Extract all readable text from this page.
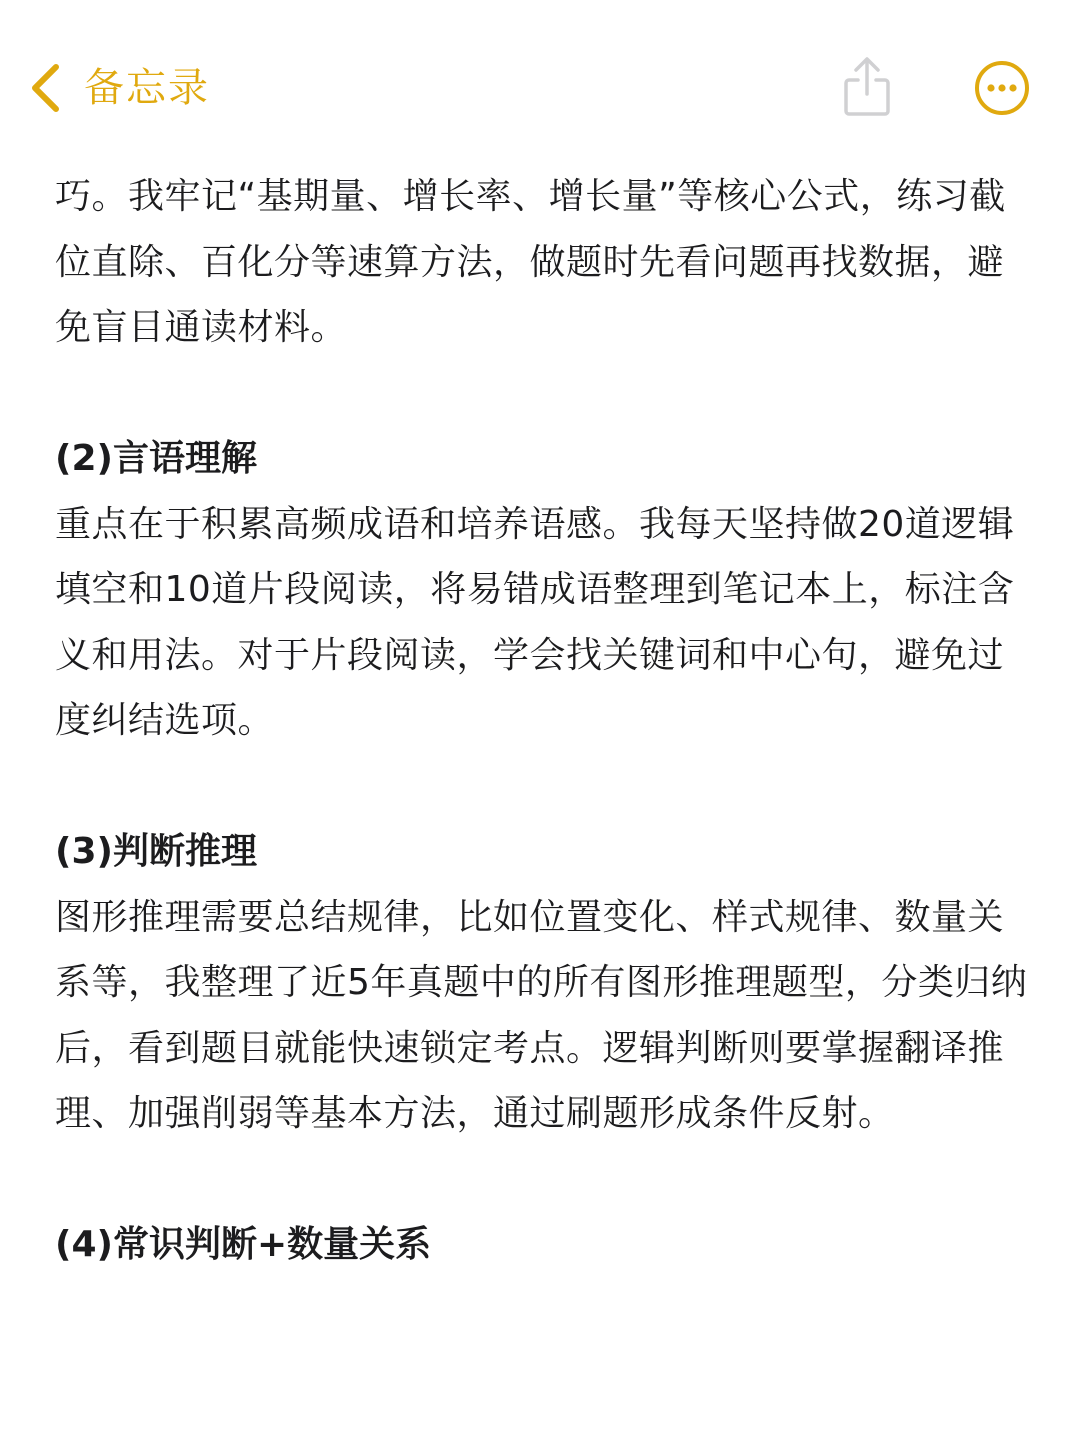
备忘录

巧。我牢记“基期量、增长率、增长量”等核心公式，练习截位直除、百化分等速算方法，做题时先看问题再找数据，避免盲目通读材料。

(2)言语理解

重点在于积累高频成语和培养语感。我每天坚持做20道逻辑填空和10道片段阅读，将易错成语整理到笔记本上，标注含义和用法。对于片段阅读，学会找关键词和中心句，避免过度纠结选项。

(3)判断推理

图形推理需要总结规律，比如位置变化、样式规律、数量关系等，我整理了近5年真题中的所有图形推理题型，分类归纳后，看到题目就能快速锁定考点。逻辑判断则要掌握翻译推理、加强削弱等基本方法，通过刷题形成条件反射。

(4)常识判断+数量关系
